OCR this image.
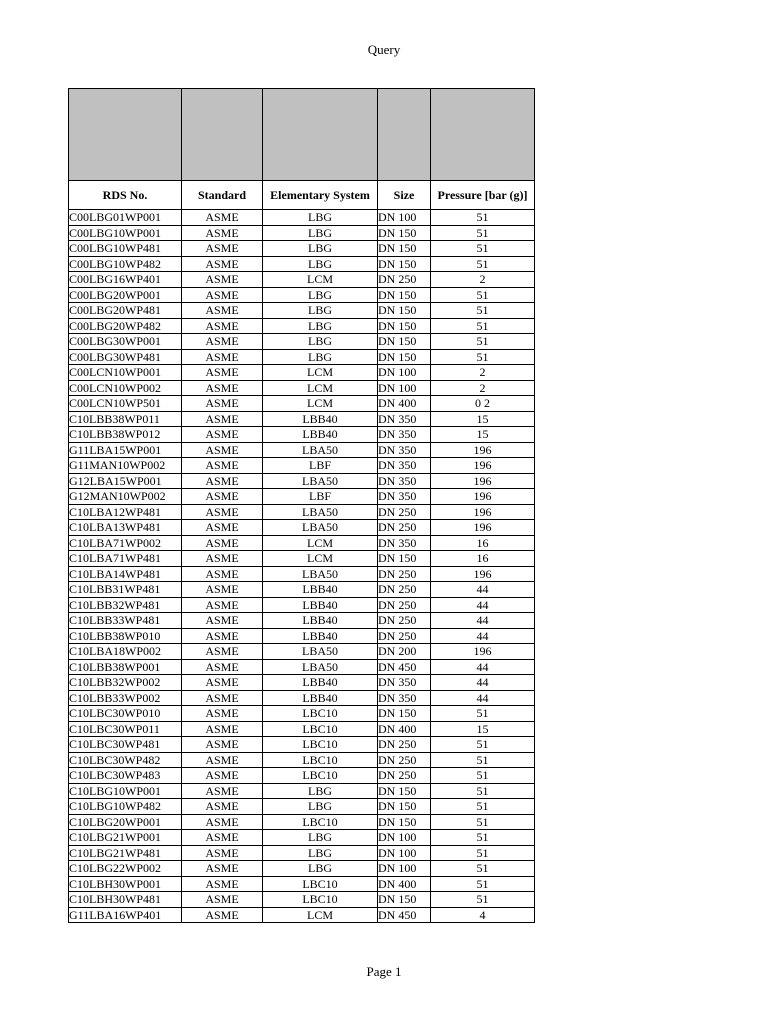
Query

RDS No.	Standard	Elementary System	Size	Pressure [bar (g)]
C00LBG01WP001	ASME	LBG	DN 100	51
C00LBG10WP001	ASME	LBG	DN 150	51
C00LBG10WP481	ASME	LBG	DN 150	51
C00LBG10WP482	ASME	LBG	DN 150	51
C00LBG16WP401	ASME	LCM	DN 250	2
C00LBG20WP001	ASME	LBG	DN 150	51
C00LBG20WP481	ASME	LBG	DN 150	51
C00LBG20WP482	ASME	LBG	DN 150	51
C00LBG30WP001	ASME	LBG	DN 150	51
C00LBG30WP481	ASME	LBG	DN 150	51
C00LCN10WP001	ASME	LCM	DN 100	2
C00LCN10WP002	ASME	LCM	DN 100	2
C00LCN10WP501	ASME	LCM	DN 400	0 2
C10LBB38WP011	ASME	LBB40	DN 350	15
C10LBB38WP012	ASME	LBB40	DN 350	15
G11LBA15WP001	ASME	LBA50	DN 350	196
G11MAN10WP002	ASME	LBF	DN 350	196
G12LBA15WP001	ASME	LBA50	DN 350	196
G12MAN10WP002	ASME	LBF	DN 350	196
C10LBA12WP481	ASME	LBA50	DN 250	196
C10LBA13WP481	ASME	LBA50	DN 250	196
C10LBA71WP002	ASME	LCM	DN 350	16
C10LBA71WP481	ASME	LCM	DN 150	16
C10LBA14WP481	ASME	LBA50	DN 250	196
C10LBB31WP481	ASME	LBB40	DN 250	44
C10LBB32WP481	ASME	LBB40	DN 250	44
C10LBB33WP481	ASME	LBB40	DN 250	44
C10LBB38WP010	ASME	LBB40	DN 250	44
C10LBA18WP002	ASME	LBA50	DN 200	196
C10LBB38WP001	ASME	LBA50	DN 450	44
C10LBB32WP002	ASME	LBB40	DN 350	44
C10LBB33WP002	ASME	LBB40	DN 350	44
C10LBC30WP010	ASME	LBC10	DN 150	51
C10LBC30WP011	ASME	LBC10	DN 400	15
C10LBC30WP481	ASME	LBC10	DN 250	51
C10LBC30WP482	ASME	LBC10	DN 250	51
C10LBC30WP483	ASME	LBC10	DN 250	51
C10LBG10WP001	ASME	LBG	DN 150	51
C10LBG10WP482	ASME	LBG	DN 150	51
C10LBG20WP001	ASME	LBC10	DN 150	51
C10LBG21WP001	ASME	LBG	DN 100	51
C10LBG21WP481	ASME	LBG	DN 100	51
C10LBG22WP002	ASME	LBG	DN 100	51
C10LBH30WP001	ASME	LBC10	DN 400	51
C10LBH30WP481	ASME	LBC10	DN 150	51
G11LBA16WP401	ASME	LCM	DN 450	4
Page 1
